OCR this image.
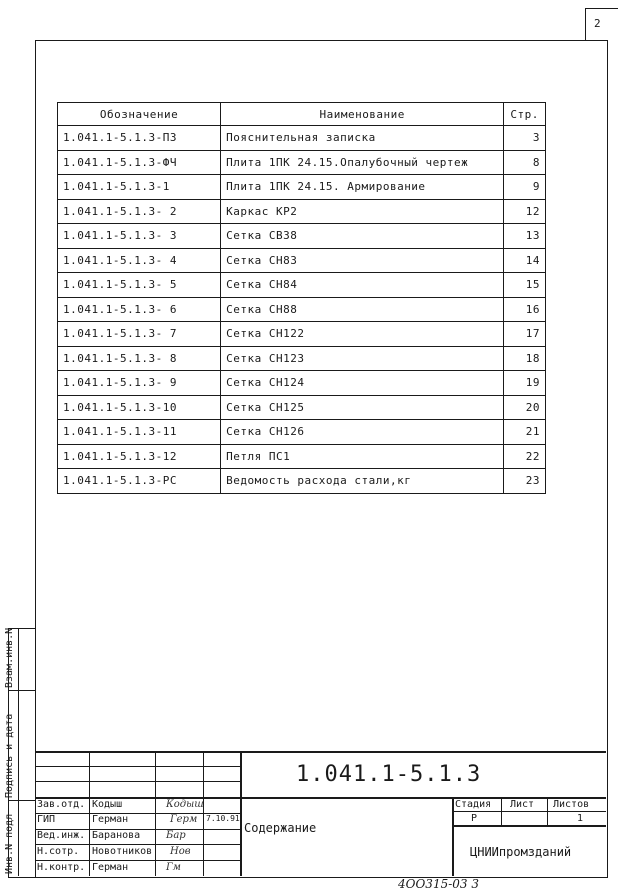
2
Обозначение	Наименование	Стр.
1.041.1-5.1.3-ПЗ	Пояснительная записка	3
1.041.1-5.1.3-ФЧ	Плита 1ПК 24.15.Опалубочный чертеж	8
1.041.1-5.1.3-1	Плита 1ПК 24.15. Армирование	9
1.041.1-5.1.3- 2	Каркас КР2	12
1.041.1-5.1.3- 3	Сетка СВ38	13
1.041.1-5.1.3- 4	Сетка СН83	14
1.041.1-5.1.3- 5	Сетка СН84	15
1.041.1-5.1.3- 6	Сетка СН88	16
1.041.1-5.1.3- 7	Сетка СН122	17
1.041.1-5.1.3- 8	Сетка СН123	18
1.041.1-5.1.3- 9	Сетка СН124	19
1.041.1-5.1.3-10	Сетка СН125	20
1.041.1-5.1.3-11	Сетка СН126	21
1.041.1-5.1.3-12	Петля ПС1	22
1.041.1-5.1.3-РС	Ведомость расхода стали,кг	23
Взам.инв.N
Подпись и дата
Инв.N подл
1.041.1-5.1.3
Содержание
ЦНИИпромзданий
Стадия Лист Листов
Р	1
7.10.91
Зав.отд. Кодыш	Кодыш
ГИП	Герман	Герм
Вед.инж. Баранова	Бар
Н.сотр. Новотников Нов
Н.контр. Герман	Гм
4ОО315-03 3
